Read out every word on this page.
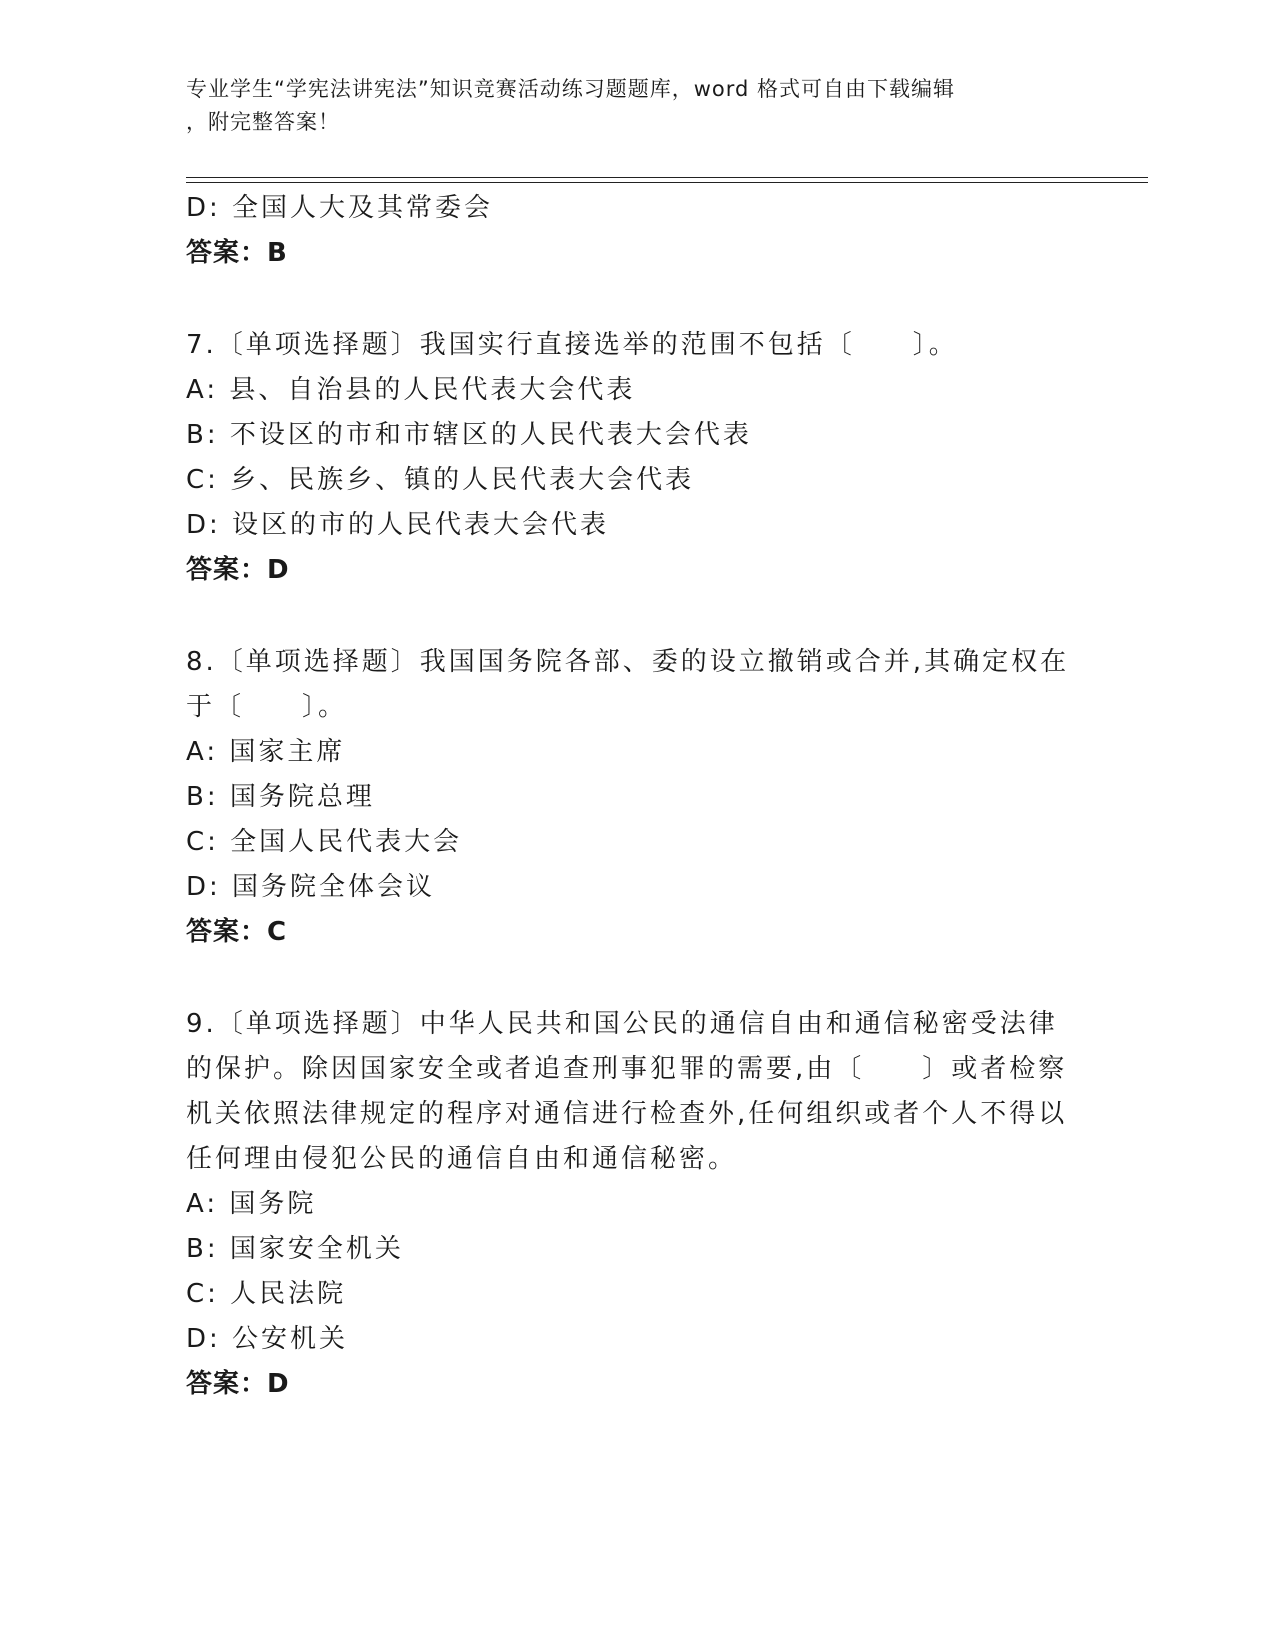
专业学生“学宪法讲宪法”知识竞赛活动练习题题库，word 格式可自由下载编辑
，附完整答案！
D: 全国人大及其常委会
答案：B
7.〔单项选择题〕我国实行直接选举的范围不包括〔　　〕。
A: 县、自治县的人民代表大会代表
B: 不设区的市和市辖区的人民代表大会代表
C: 乡、民族乡、镇的人民代表大会代表
D: 设区的市的人民代表大会代表
答案：D
8.〔单项选择题〕我国国务院各部、委的设立撤销或合并,其确定权在
于〔　　〕。
A: 国家主席
B: 国务院总理
C: 全国人民代表大会
D: 国务院全体会议
答案：C
9.〔单项选择题〕中华人民共和国公民的通信自由和通信秘密受法律
的保护。除因国家安全或者追查刑事犯罪的需要,由〔　　〕或者检察
机关依照法律规定的程序对通信进行检查外,任何组织或者个人不得以
任何理由侵犯公民的通信自由和通信秘密。
A: 国务院
B: 国家安全机关
C: 人民法院
D: 公安机关
答案：D
